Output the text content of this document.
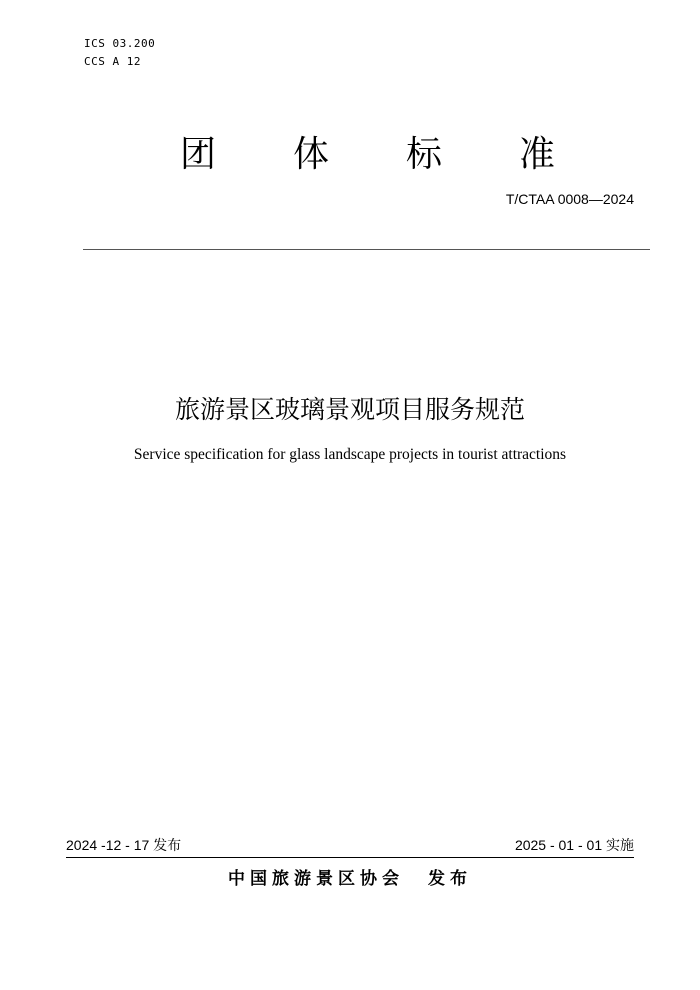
ICS 03.200
CCS A 12
团 体 标 准
T/CTAA 0008—2024
旅游景区玻璃景观项目服务规范
Service specification for glass landscape projects in tourist attractions
2024 -12 - 17 发布	2025 - 01 - 01 实施
中国旅游景区协会 发布
